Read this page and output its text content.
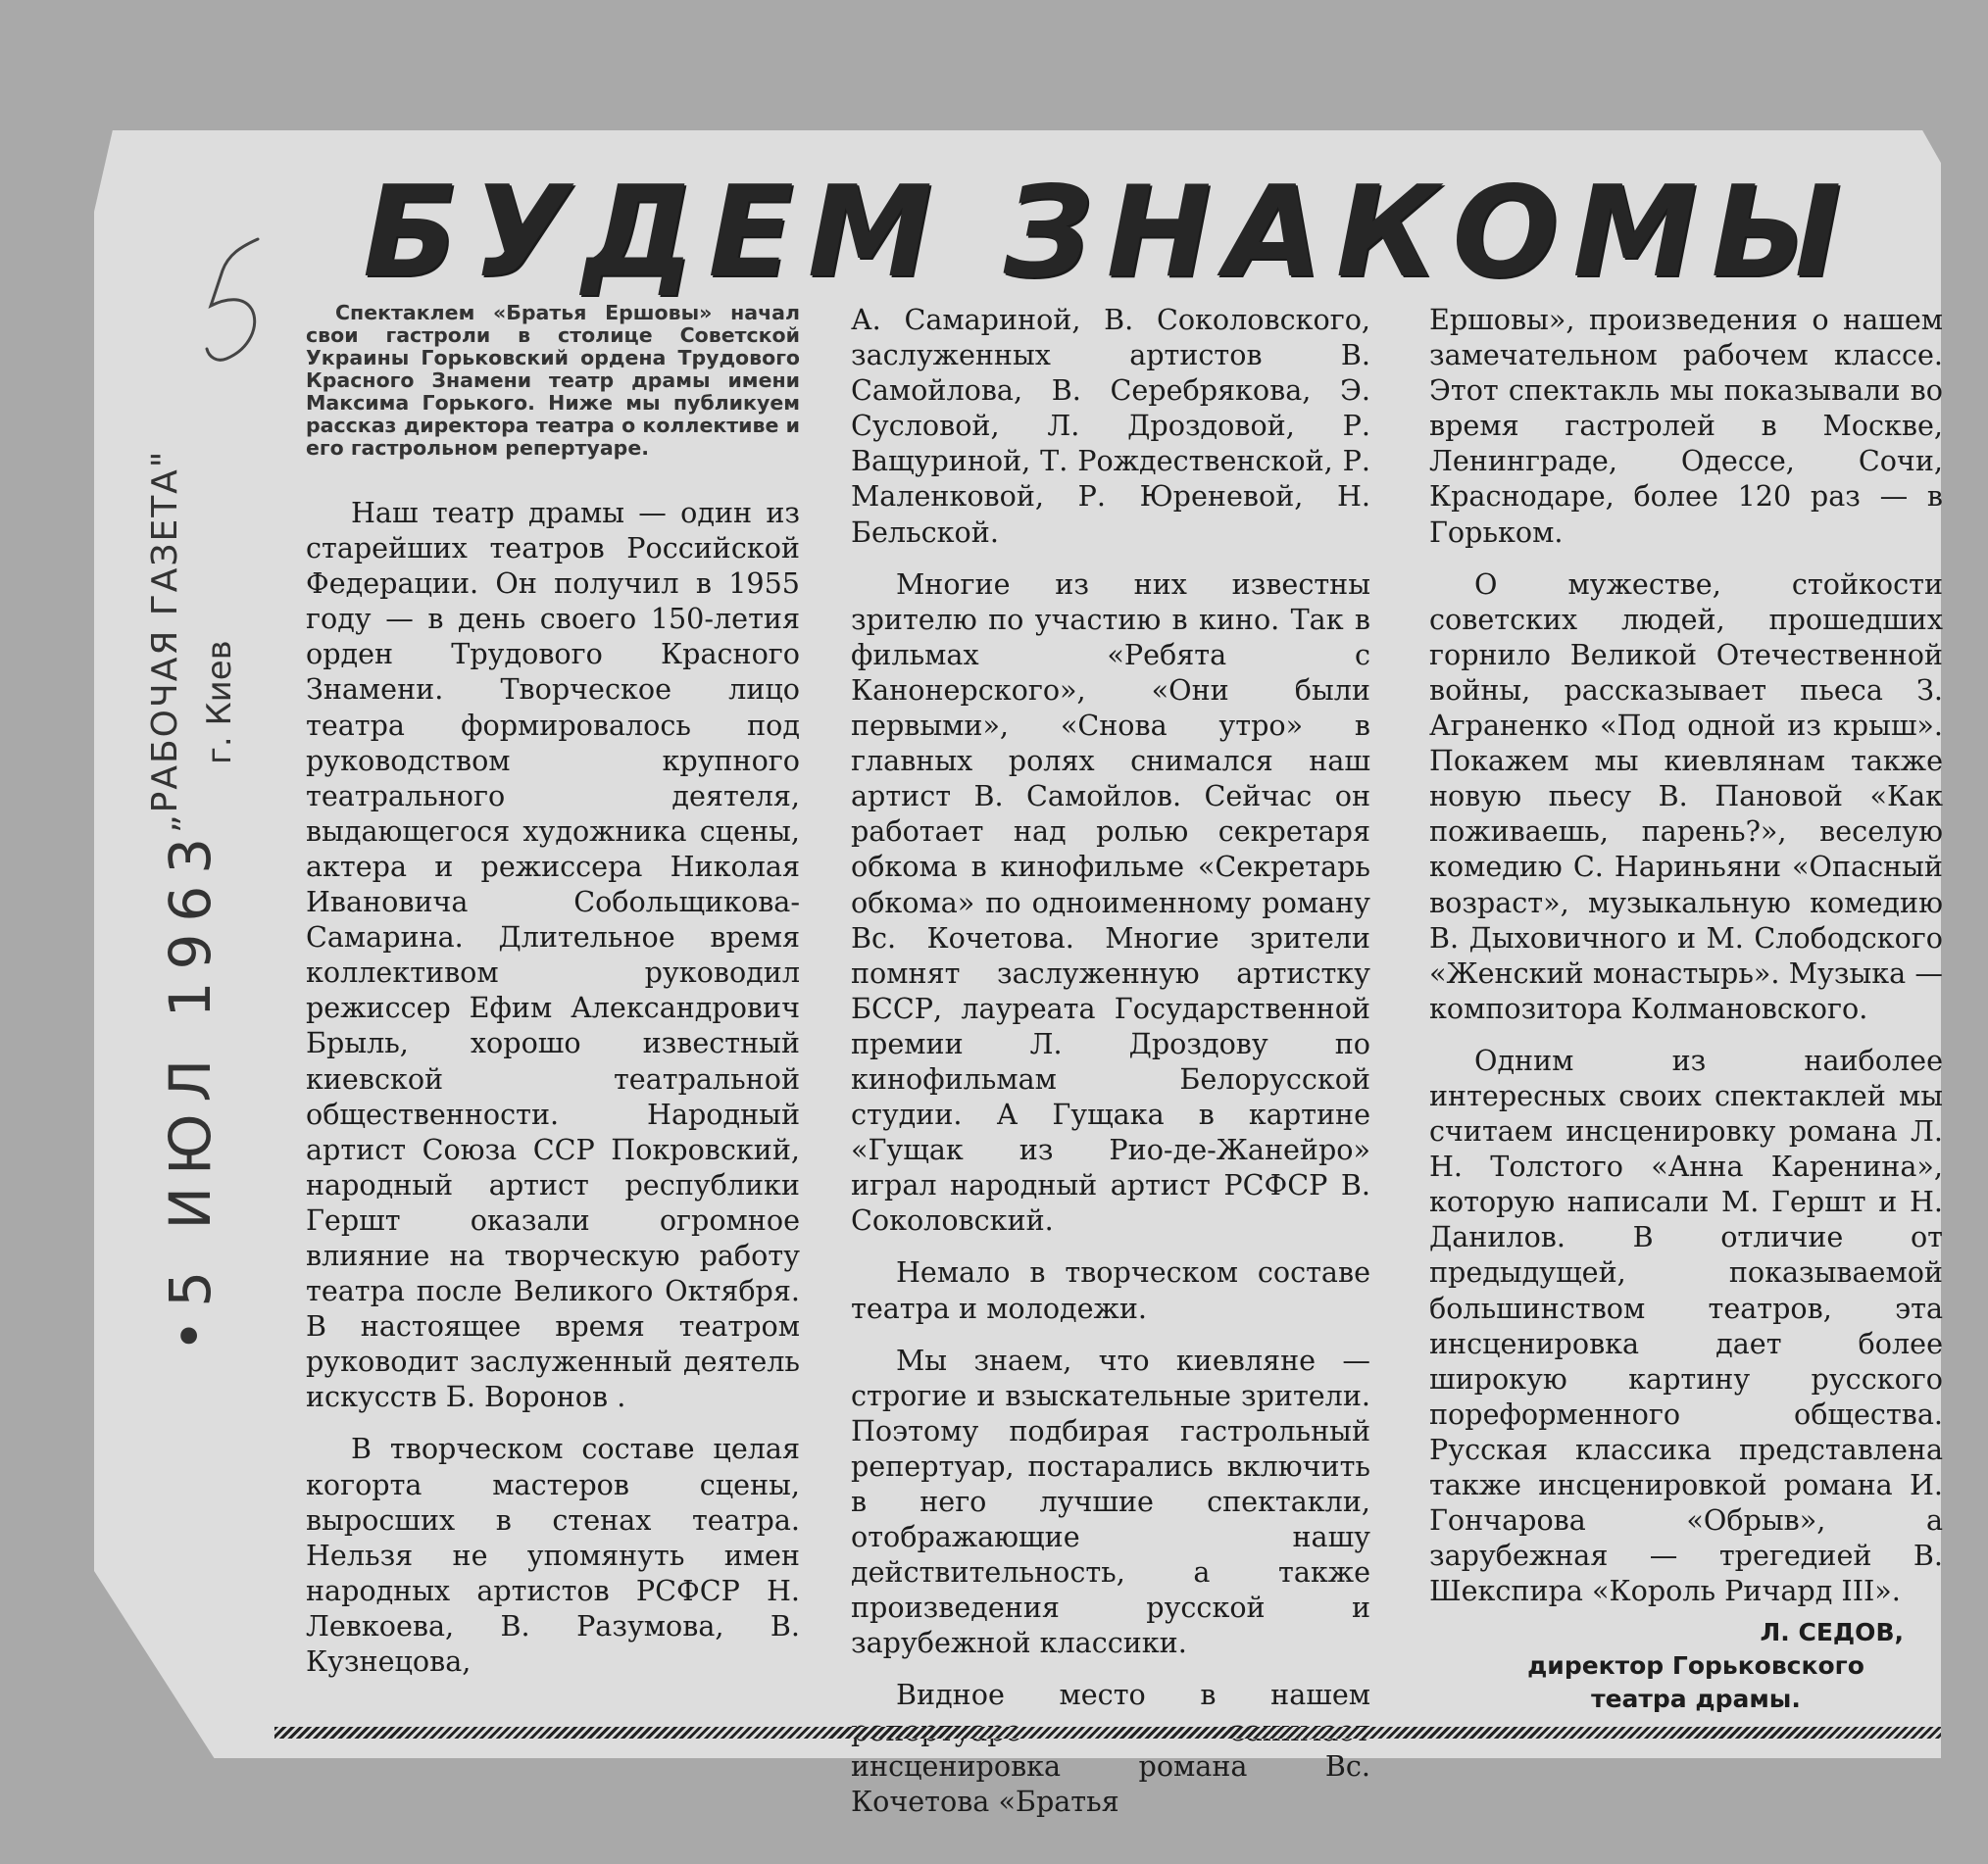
•5 ИЮЛ 1963
„РАБОЧАЯ ГАЗЕТА" г. Киев
БУДЕМ ЗНАКОМЫ

Спектаклем «Братья Ершовы» начал свои гастроли в столице Советской Украины Горьковский ордена Трудового Красного Знамени театр драмы имени Максима Горького. Ниже мы публикуем рассказ директора театра о коллективе и его гастрольном репертуаре.

Наш театр драмы — один из старейших театров Российской Федерации. Он получил в 1955 году — в день своего 150-летия орден Трудового Красного Знамени. Творческое лицо театра формировалось под руководством крупного театрального деятеля, выдающегося художника сцены, актера и режиссера Николая Ивановича Собольщикова-Самарина. Длительное время коллективом руководил режиссер Ефим Александрович Брыль, хорошо известный киевской театральной общественности. Народный артист Союза ССР Покровский, народный артист республики Гершт оказали огромное влияние на творческую работу театра после Великого Октября. В настоящее время театром руководит заслуженный деятель искусств Б. Воронов .

В творческом составе целая когорта мастеров сцены, выросших в стенах театра. Нельзя не упомянуть имен народных артистов РСФСР Н. Левкоева, В. Разумова, В. Кузнецова,

А. Самариной, В. Соколовского, заслуженных артистов В. Самойлова, В. Серебрякова, Э. Сусловой, Л. Дроздовой, Р. Ващуриной, Т. Рождественской, Р. Маленковой, Р. Юреневой, Н. Бельской.

Многие из них известны зрителю по участию в кино. Так в фильмах «Ребята с Канонерского», «Они были первыми», «Снова утро» в главных ролях снимался наш артист В. Самойлов. Сейчас он работает над ролью секретаря обкома в кинофильме «Секретарь обкома» по одноименному роману Вс. Кочетова. Многие зрители помнят заслуженную артистку БССР, лауреата Государственной премии Л. Дроздову по кинофильмам Белорусской студии. А Гущака в картине «Гущак из Рио-де-Жанейро» играл народный артист РСФСР В. Соколовский.

Немало в творческом составе театра и молодежи.

Мы знаем, что киевляне — строгие и взыскательные зрители. Поэтому подбирая гастрольный репертуар, постарались включить в него лучшие спектакли, отображающие нашу действительность, а также произведения русской и зарубежной классики.

Видное место в нашем инсценировка романа Вс. Кочетова «Братья

Ершовы», произведения о нашем замечательном рабочем классе. Этот спектакль мы показывали во время гастролей в Москве, Ленинграде, Одессе, Сочи, Краснодаре, более 120 раз — в Горьком.

О мужестве, стойкости советских людей, прошедших горнило Великой Отечественной войны, рассказывает пьеса З. Аграненко «Под одной из крыш». Покажем мы киевлянам также новую пьесу В. Пановой «Как поживаешь, парень?», веселую комедию С. Нариньяни «Опасный возраст», музыкальную комедию В. Дыховичного и М. Слободского «Женский монастырь». Музыка — композитора Колмановского.

Одним из наиболее интересных своих спектаклей мы считаем инсценировку романа Л. Н. Толстого «Анна Каренина», которую написали М. Гершт и Н. Данилов. В отличие от предыдущей, показываемой большинством театров, эта инсценировка дает более широкую картину русского пореформенного общества. Русская классика представлена также инсценировкой романа И. Гончарова «Обрыв», а зарубежная — трегедией В. Шекспира «Король Ричард III».

Л. СЕДОВ,
директор Горьковского
театра драмы.
